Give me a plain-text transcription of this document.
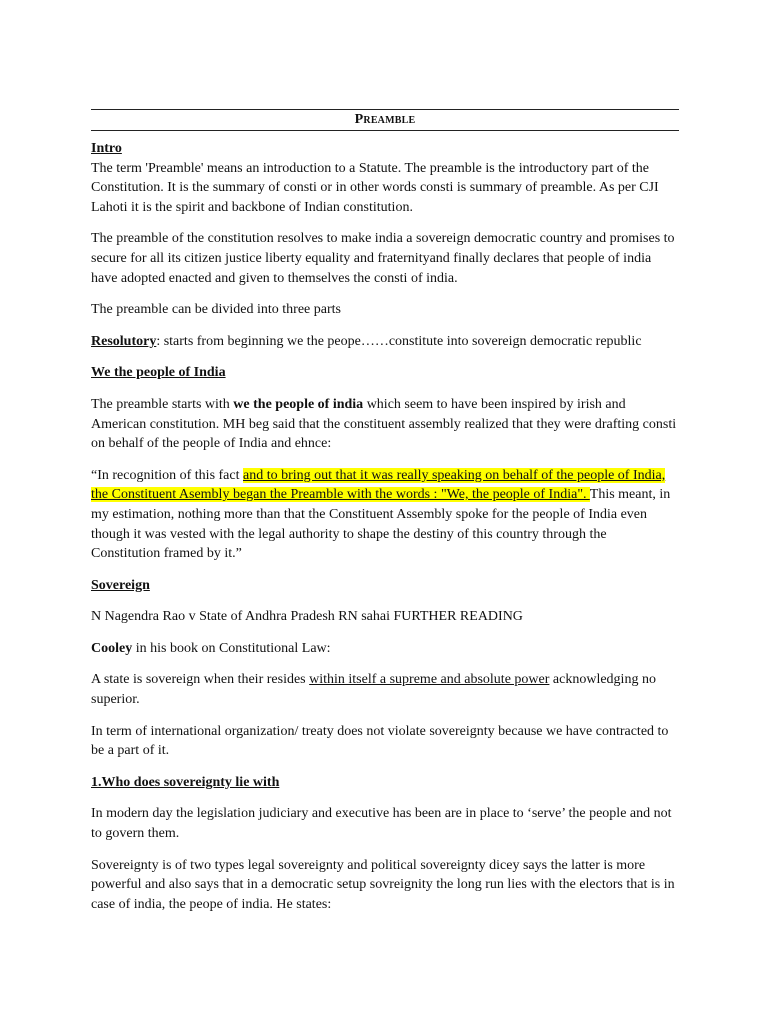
Preamble

Intro

The term 'Preamble' means an introduction to a Statute. The preamble is the introductory part of the Constitution. It is the summary of consti or in other words consti is summary of preamble. As per CJI Lahoti it is the spirit and backbone of Indian constitution.

The preamble of the constitution resolves to make india a sovereign democratic country and promises to secure for all its citizen justice liberty equality and fraternityand finally declares that people of india have adopted enacted and given to themselves the consti of india.

The preamble can be divided into three parts

Resolutory: starts from beginning we the peope……constitute into sovereign democratic republic

We the people of India

The preamble starts with we the people of india which seem to have been inspired by irish and American constitution. MH beg said that the constituent assembly realized that they were drafting consti on behalf of the people of India and ehnce:

“In recognition of this fact and to bring out that it was really speaking on behalf of the people of India, the Constituent Asembly began the Preamble with the words : "We, the people of India". This meant, in my estimation, nothing more than that the Constituent Assembly spoke for the people of India even though it was vested with the legal authority to shape the destiny of this country through the Constitution framed by it.”

Sovereign

N Nagendra Rao v State of Andhra Pradesh RN sahai FURTHER READING

Cooley in his book on Constitutional Law:

A state is sovereign when their resides within itself a supreme and absolute power acknowledging no superior.

In term of international organization/ treaty does not violate sovereignty because we have contracted to be a part of it.

1.Who does sovereignty lie with

In modern day the legislation judiciary and executive has been are in place to ‘serve’ the people and not to govern them.

Sovereignty is of two types legal sovereignty and political sovereignty dicey says the latter is more powerful and also says that in a democratic setup sovreignity the long run lies with the electors that is in case of india, the peope of india. He states:
